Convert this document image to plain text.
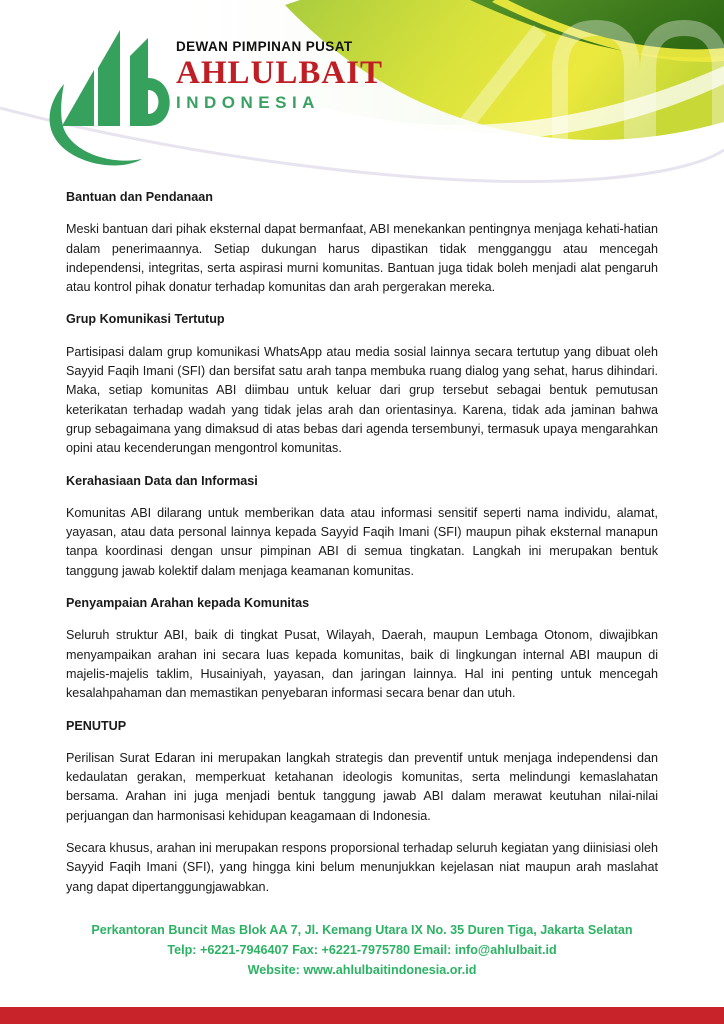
DEWAN PIMPINAN PUSAT
AHLULBAIT
INDONESIA
Bantuan dan Pendanaan

Meski bantuan dari pihak eksternal dapat bermanfaat, ABI menekankan pentingnya menjaga kehati-hatian dalam penerimaannya. Setiap dukungan harus dipastikan tidak mengganggu atau mencegah independensi, integritas, serta aspirasi murni komunitas. Bantuan juga tidak boleh menjadi alat pengaruh atau kontrol pihak donatur terhadap komunitas dan arah pergerakan mereka.

Grup Komunikasi Tertutup

Partisipasi dalam grup komunikasi WhatsApp atau media sosial lainnya secara tertutup yang dibuat oleh Sayyid Faqih Imani (SFI) dan bersifat satu arah tanpa membuka ruang dialog yang sehat, harus dihindari. Maka, setiap komunitas ABI diimbau untuk keluar dari grup tersebut sebagai bentuk pemutusan keterikatan terhadap wadah yang tidak jelas arah dan orientasinya. Karena, tidak ada jaminan bahwa grup sebagaimana yang dimaksud di atas bebas dari agenda tersembunyi, termasuk upaya mengarahkan opini atau kecenderungan mengontrol komunitas.

Kerahasiaan Data dan Informasi

Komunitas ABI dilarang untuk memberikan data atau informasi sensitif seperti nama individu, alamat, yayasan, atau data personal lainnya kepada Sayyid Faqih Imani (SFI) maupun pihak eksternal manapun tanpa koordinasi dengan unsur pimpinan ABI di semua tingkatan. Langkah ini merupakan bentuk tanggung jawab kolektif dalam menjaga keamanan komunitas.

Penyampaian Arahan kepada Komunitas

Seluruh struktur ABI, baik di tingkat Pusat, Wilayah, Daerah, maupun Lembaga Otonom, diwajibkan menyampaikan arahan ini secara luas kepada komunitas, baik di lingkungan internal ABI maupun di majelis-majelis taklim, Husainiyah, yayasan, dan jaringan lainnya. Hal ini penting untuk mencegah kesalahpahaman dan memastikan penyebaran informasi secara benar dan utuh.

PENUTUP

Perilisan Surat Edaran ini merupakan langkah strategis dan preventif untuk menjaga independensi dan kedaulatan gerakan, memperkuat ketahanan ideologis komunitas, serta melindungi kemaslahatan bersama. Arahan ini juga menjadi bentuk tanggung jawab ABI dalam merawat keutuhan nilai-nilai perjuangan dan harmonisasi kehidupan keagamaan di Indonesia.

Secara khusus, arahan ini merupakan respons proporsional terhadap seluruh kegiatan yang diinisiasi oleh Sayyid Faqih Imani (SFI), yang hingga kini belum menunjukkan kejelasan niat maupun arah maslahat yang dapat dipertanggungjawabkan.

Perkantoran Buncit Mas Blok AA 7, Jl. Kemang Utara IX No. 35 Duren Tiga, Jakarta Selatan
Telp: +6221-7946407 Fax: +6221-7975780 Email: info@ahlulbait.id
Website: www.ahlulbaitindonesia.or.id
